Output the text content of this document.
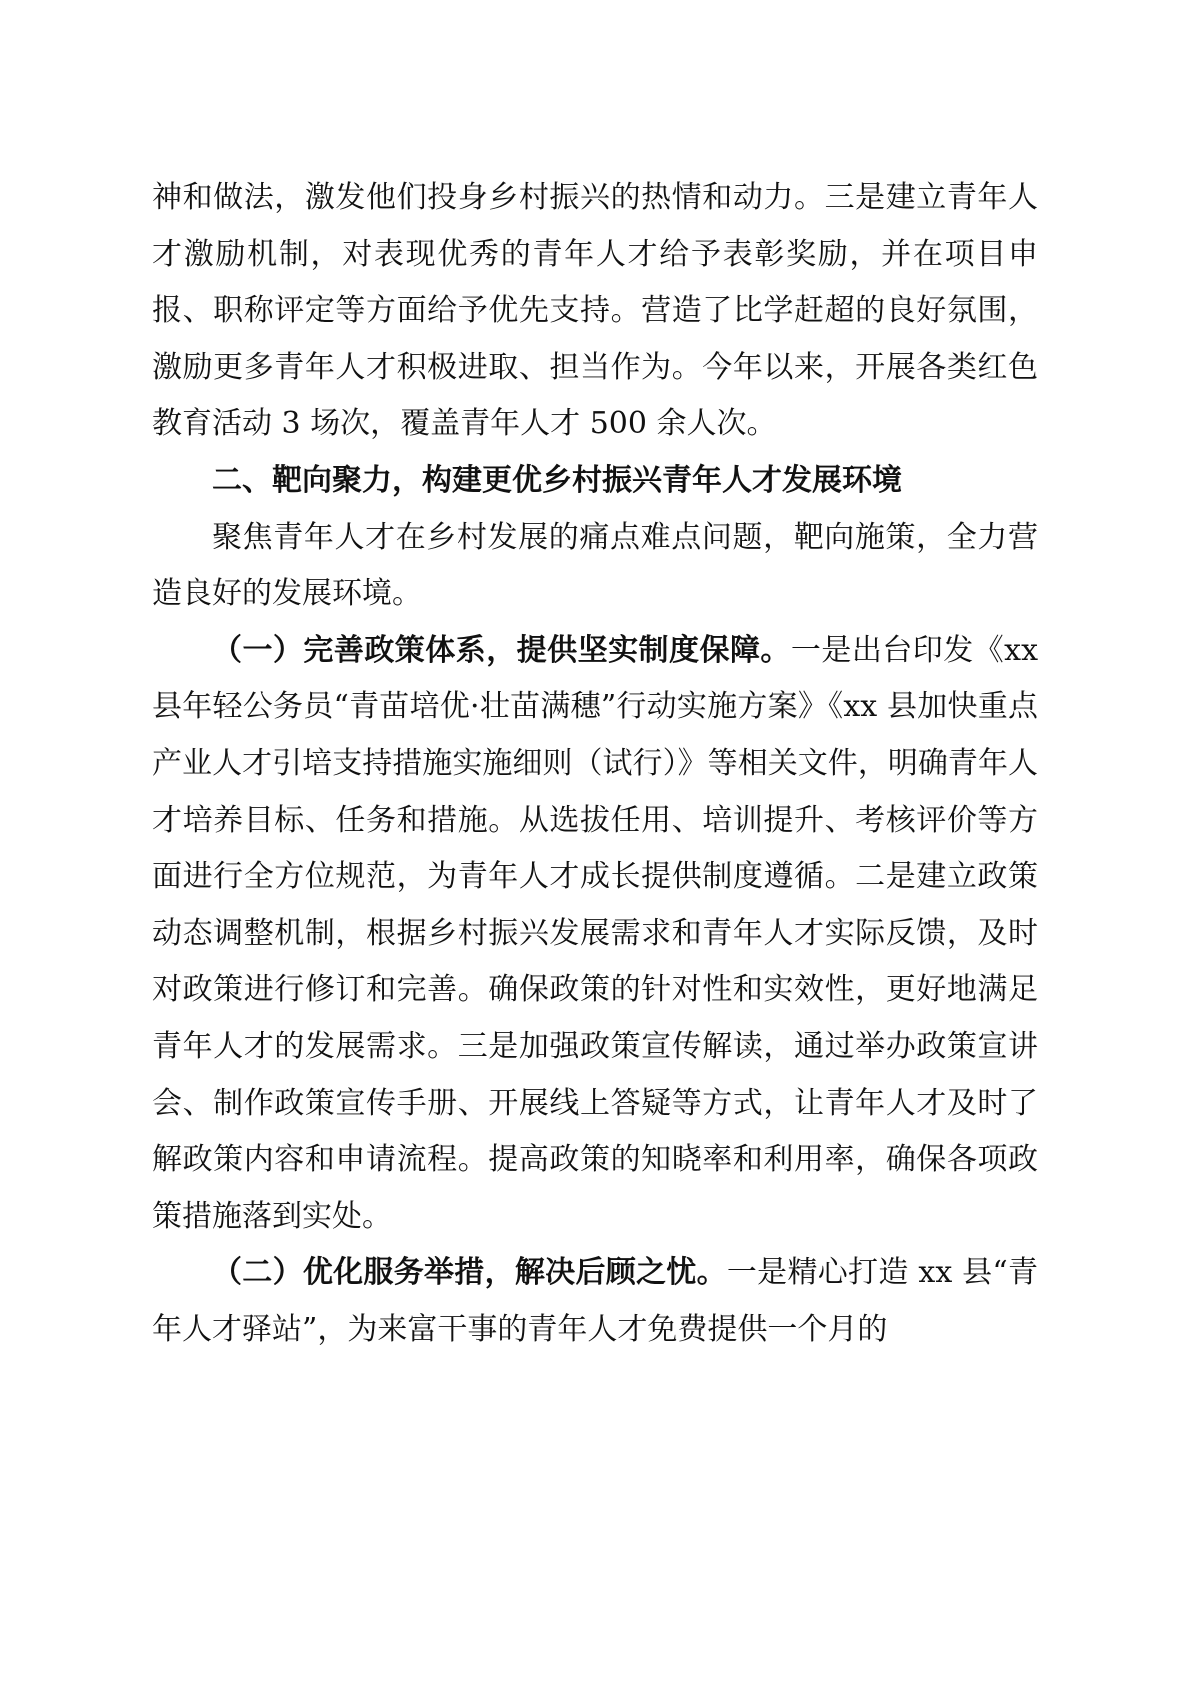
神和做法，激发他们投身乡村振兴的热情和动力。三是建立青年人才激励机制，对表现优秀的青年人才给予表彰奖励，并在项目申报、职称评定等方面给予优先支持。营造了比学赶超的良好氛围，激励更多青年人才积极进取、担当作为。今年以来，开展各类红色教育活动 3 场次，覆盖青年人才 500 余人次。

二、靶向聚力，构建更优乡村振兴青年人才发展环境

聚焦青年人才在乡村发展的痛点难点问题，靶向施策，全力营造良好的发展环境。

（一）完善政策体系，提供坚实制度保障。一是出台印发《xx 县年轻公务员“青苗培优·壮苗满穗”行动实施方案》《xx 县加快重点产业人才引培支持措施实施细则（试行）》等相关文件，明确青年人才培养目标、任务和措施。从选拔任用、培训提升、考核评价等方面进行全方位规范，为青年人才成长提供制度遵循。二是建立政策动态调整机制，根据乡村振兴发展需求和青年人才实际反馈，及时对政策进行修订和完善。确保政策的针对性和实效性，更好地满足青年人才的发展需求。三是加强政策宣传解读，通过举办政策宣讲会、制作政策宣传手册、开展线上答疑等方式，让青年人才及时了解政策内容和申请流程。提高政策的知晓率和利用率，确保各项政策措施落到实处。

（二）优化服务举措，解决后顾之忧。一是精心打造 xx 县“青年人才驿站”，为来富干事的青年人才免费提供一个月的
